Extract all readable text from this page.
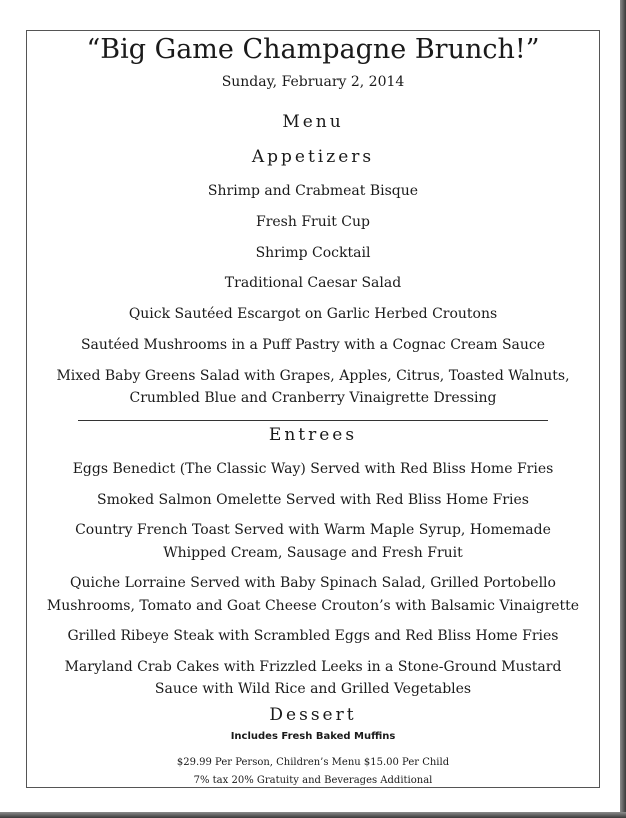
“Big Game Champagne Brunch!”
Sunday, February 2, 2014
Menu
Appetizers
Shrimp and Crabmeat Bisque
Fresh Fruit Cup
Shrimp Cocktail
Traditional Caesar Salad
Quick Sautéed Escargot on Garlic Herbed Croutons
Sautéed Mushrooms in a Puff Pastry with a Cognac Cream Sauce
Mixed Baby Greens Salad with Grapes, Apples, Citrus, Toasted Walnuts,
Crumbled Blue and Cranberry Vinaigrette Dressing
Entrees
Eggs Benedict (The Classic Way) Served with Red Bliss Home Fries
Smoked Salmon Omelette Served with Red Bliss Home Fries
Country French Toast Served with Warm Maple Syrup, Homemade
Whipped Cream, Sausage and Fresh Fruit
Quiche Lorraine Served with Baby Spinach Salad, Grilled Portobello
Mushrooms, Tomato and Goat Cheese Crouton’s with Balsamic Vinaigrette
Grilled Ribeye Steak with Scrambled Eggs and Red Bliss Home Fries
Maryland Crab Cakes with Frizzled Leeks in a Stone-Ground Mustard
Sauce with Wild Rice and Grilled Vegetables
Dessert
Includes Fresh Baked Muffins
$29.99 Per Person, Children’s Menu $15.00 Per Child
7% tax 20% Gratuity and Beverages Additional
